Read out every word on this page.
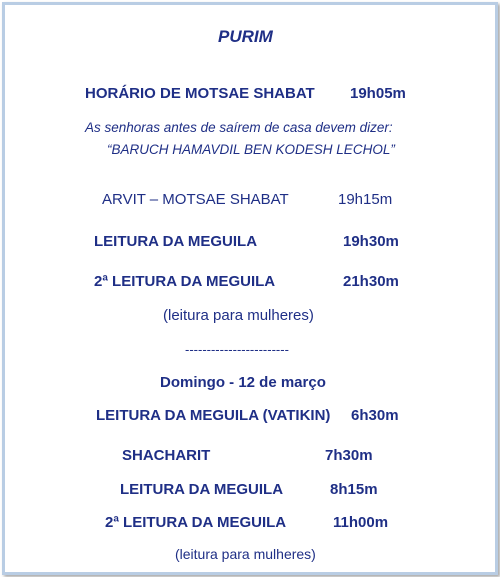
PURIM
HORÁRIO DE MOTSAE SHABAT 19h05m
As senhoras antes de saírem de casa devem dizer:
“BARUCH HAMAVDIL BEN KODESH LECHOL”
ARVIT – MOTSAE SHABAT	19h15m
LEITURA DA MEGUILA	19h30m
2ª LEITURA DA MEGUILA	21h30m
(leitura para mulheres)
------------------------
Domingo - 12 de março
LEITURA DA MEGUILA (VATIKIN) 6h30m
SHACHARIT	7h30m
LEITURA DA MEGUILA	8h15m
2ª LEITURA DA MEGUILA	11h00m
(leitura para mulheres)
